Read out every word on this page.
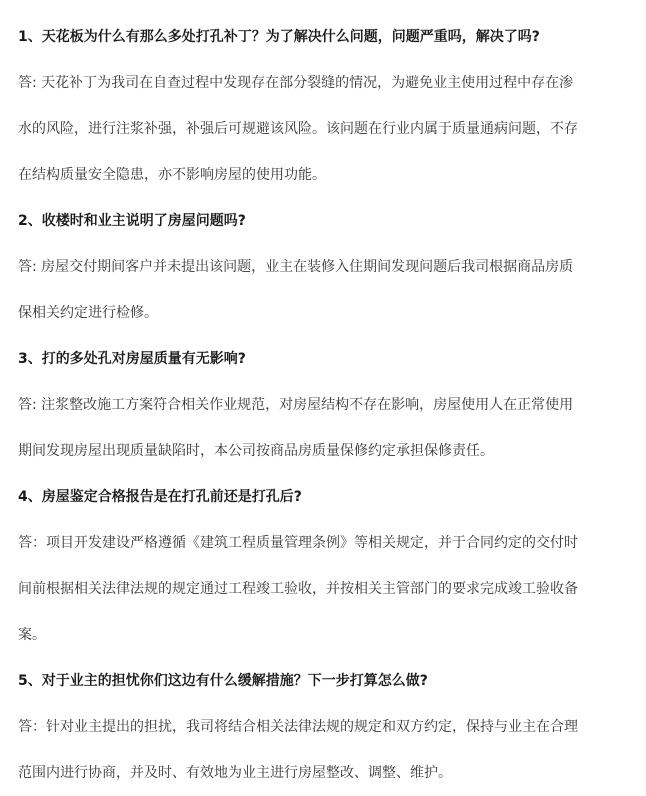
1、天花板为什么有那么多处打孔补丁？为了解决什么问题，问题严重吗，解决了吗?

答: 天花补丁为我司在自查过程中发现存在部分裂缝的情况，为避免业主使用过程中存在渗
水的风险，进行注浆补强，补强后可规避该风险。该问题在行业内属于质量通病问题，不存
在结构质量安全隐患，亦不影响房屋的使用功能。

2、收楼时和业主说明了房屋问题吗?

答: 房屋交付期间客户并未提出该问题，业主在装修入住期间发现问题后我司根据商品房质
保相关约定进行检修。

3、打的多处孔对房屋质量有无影响?

答: 注浆整改施工方案符合相关作业规范，对房屋结构不存在影响，房屋使用人在正常使用
期间发现房屋出现质量缺陷时，本公司按商品房质量保修约定承担保修责任。

4、房屋鉴定合格报告是在打孔前还是打孔后?

答：项目开发建设严格遵循《建筑工程质量管理条例》等相关规定，并于合同约定的交付时
间前根据相关法律法规的规定通过工程竣工验收，并按相关主管部门的要求完成竣工验收备
案。

5、对于业主的担忧你们这边有什么缓解措施？下一步打算怎么做?

答：针对业主提出的担扰，我司将结合相关法律法规的规定和双方约定，保持与业主在合理
范围内进行协商，并及时、有效地为业主进行房屋整改、调整、维护。
